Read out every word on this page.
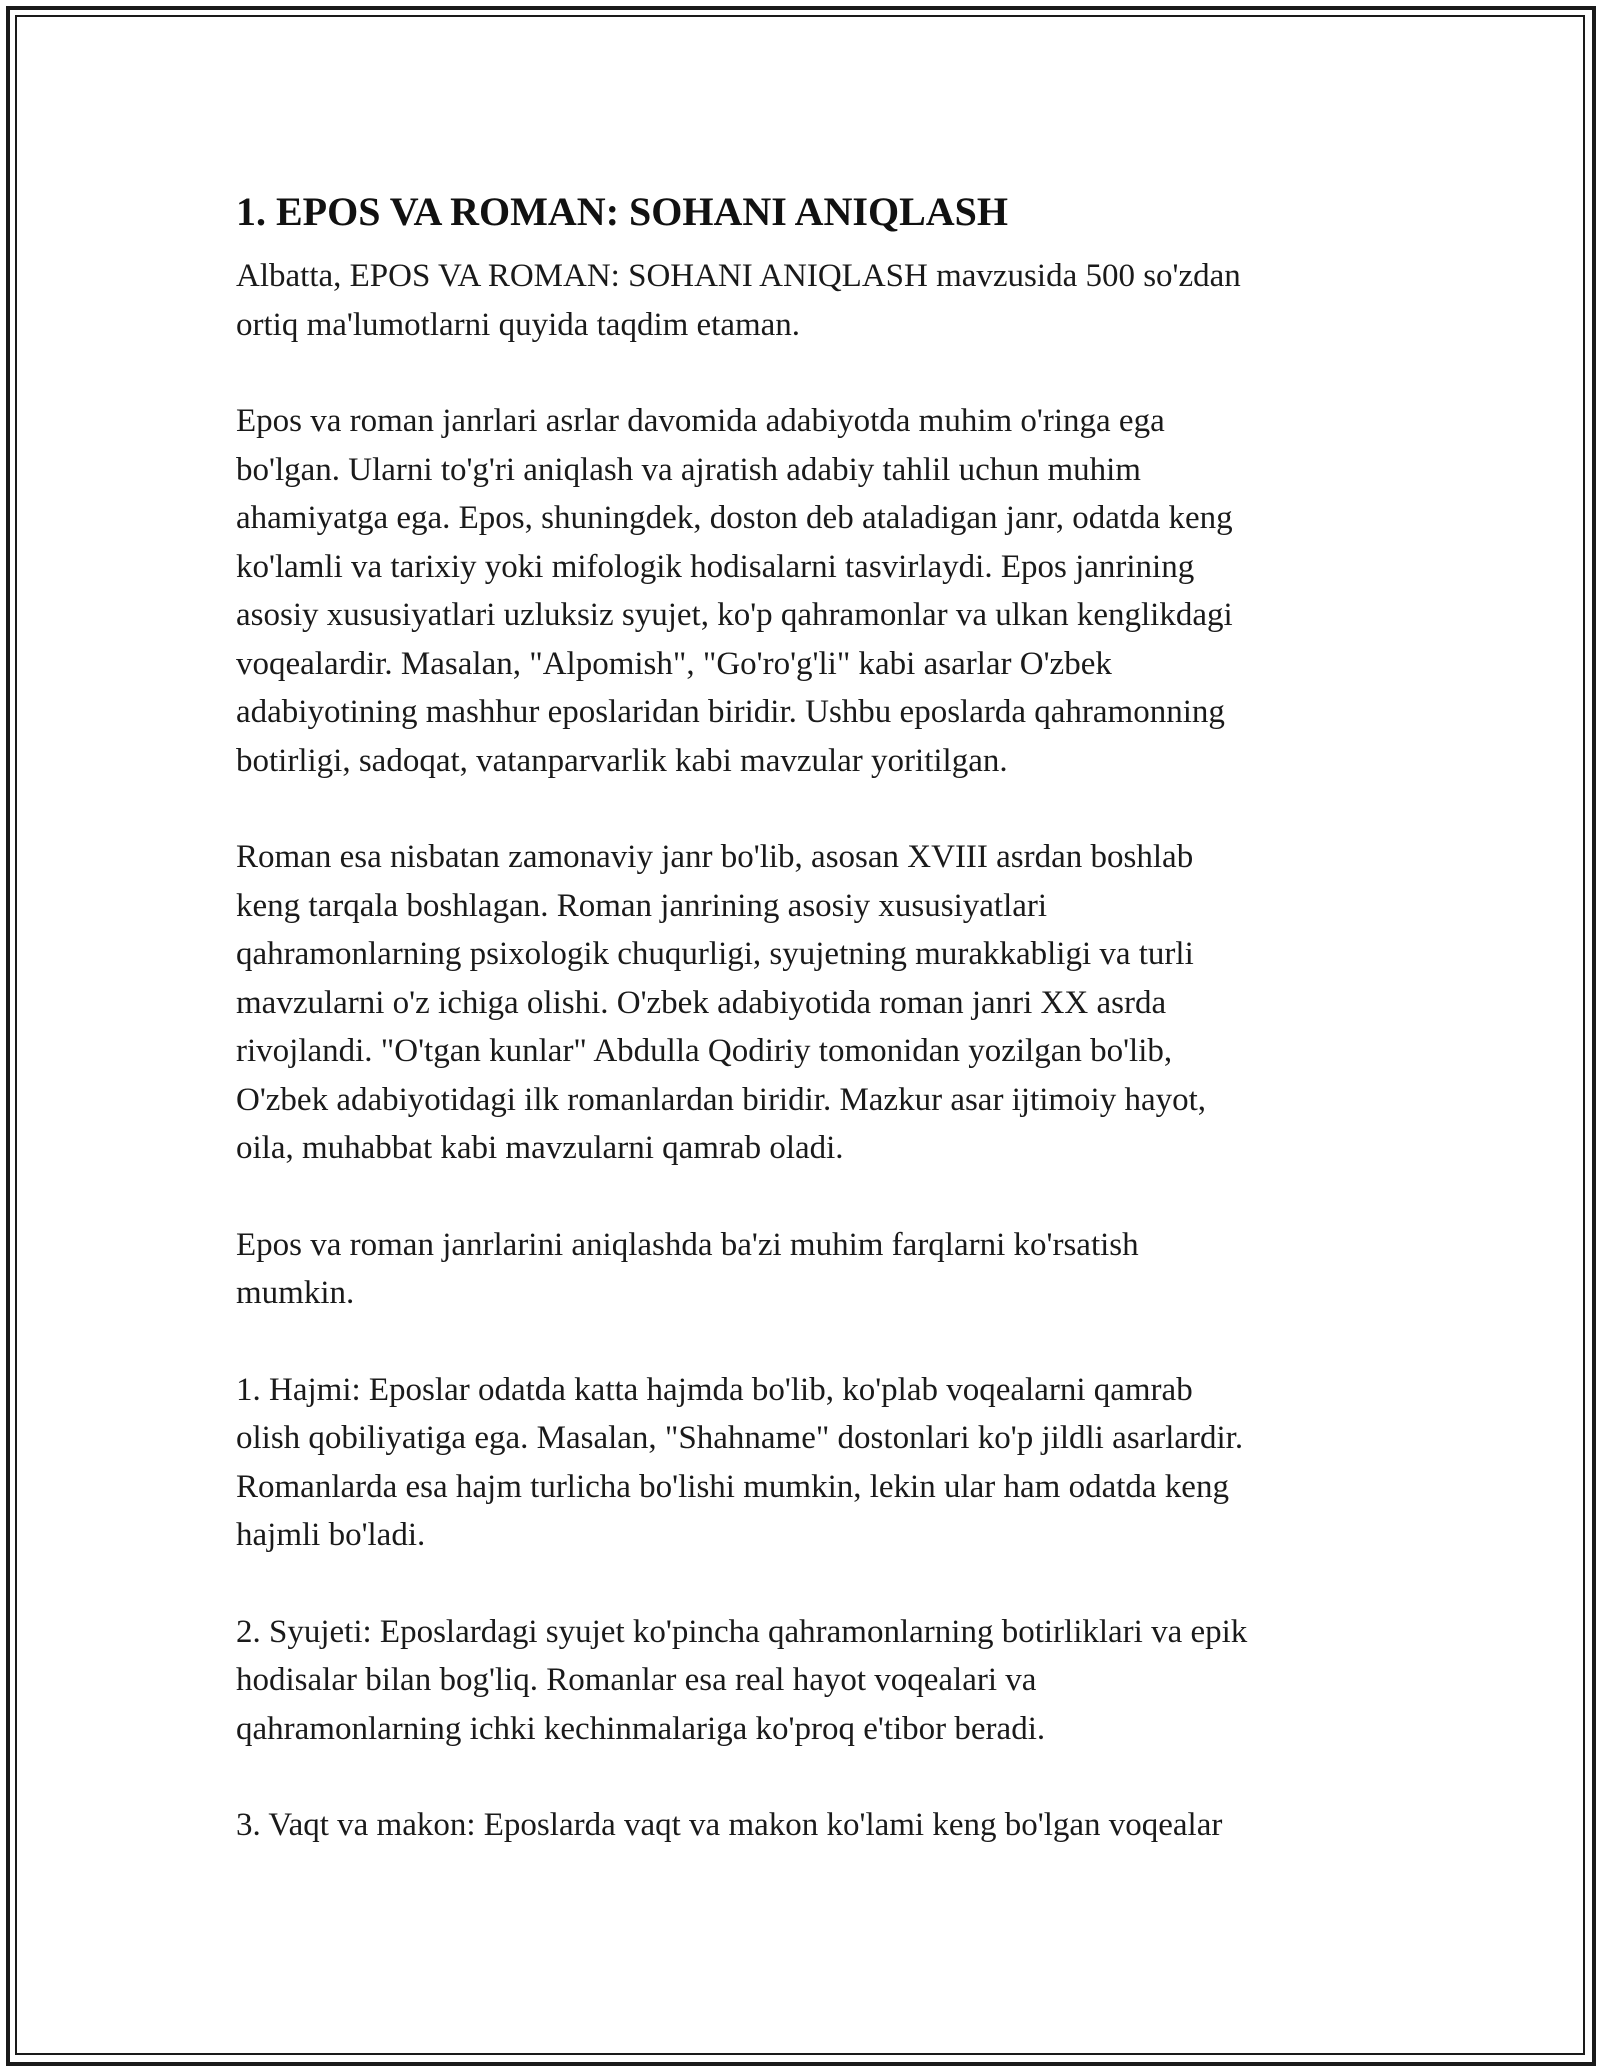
1. EPOS VA ROMAN: SOHANI ANIQLASH

Albatta, EPOS VA ROMAN: SOHANI ANIQLASH mavzusida 500 so'zdan
ortiq ma'lumotlarni quyida taqdim etaman.

Epos va roman janrlari asrlar davomida adabiyotda muhim o'ringa ega
bo'lgan. Ularni to'g'ri aniqlash va ajratish adabiy tahlil uchun muhim
ahamiyatga ega. Epos, shuningdek, doston deb ataladigan janr, odatda keng
ko'lamli va tarixiy yoki mifologik hodisalarni tasvirlaydi. Epos janrining
asosiy xususiyatlari uzluksiz syujet, ko'p qahramonlar va ulkan kenglikdagi
voqealardir. Masalan, "Alpomish", "Go'ro'g'li" kabi asarlar O'zbek
adabiyotining mashhur eposlaridan biridir. Ushbu eposlarda qahramonning
botirligi, sadoqat, vatanparvarlik kabi mavzular yoritilgan.

Roman esa nisbatan zamonaviy janr bo'lib, asosan XVIII asrdan boshlab
keng tarqala boshlagan. Roman janrining asosiy xususiyatlari
qahramonlarning psixologik chuqurligi, syujetning murakkabligi va turli
mavzularni o'z ichiga olishi. O'zbek adabiyotida roman janri XX asrda
rivojlandi. "O'tgan kunlar" Abdulla Qodiriy tomonidan yozilgan bo'lib,
O'zbek adabiyotidagi ilk romanlardan biridir. Mazkur asar ijtimoiy hayot,
oila, muhabbat kabi mavzularni qamrab oladi.

Epos va roman janrlarini aniqlashda ba'zi muhim farqlarni ko'rsatish
mumkin.

1. Hajmi: Eposlar odatda katta hajmda bo'lib, ko'plab voqealarni qamrab
olish qobiliyatiga ega. Masalan, "Shahname" dostonlari ko'p jildli asarlardir.
Romanlarda esa hajm turlicha bo'lishi mumkin, lekin ular ham odatda keng
hajmli bo'ladi.

2. Syujeti: Eposlardagi syujet ko'pincha qahramonlarning botirliklari va epik
hodisalar bilan bog'liq. Romanlar esa real hayot voqealari va
qahramonlarning ichki kechinmalariga ko'proq e'tibor beradi.

3. Vaqt va makon: Eposlarda vaqt va makon ko'lami keng bo'lgan voqealar
